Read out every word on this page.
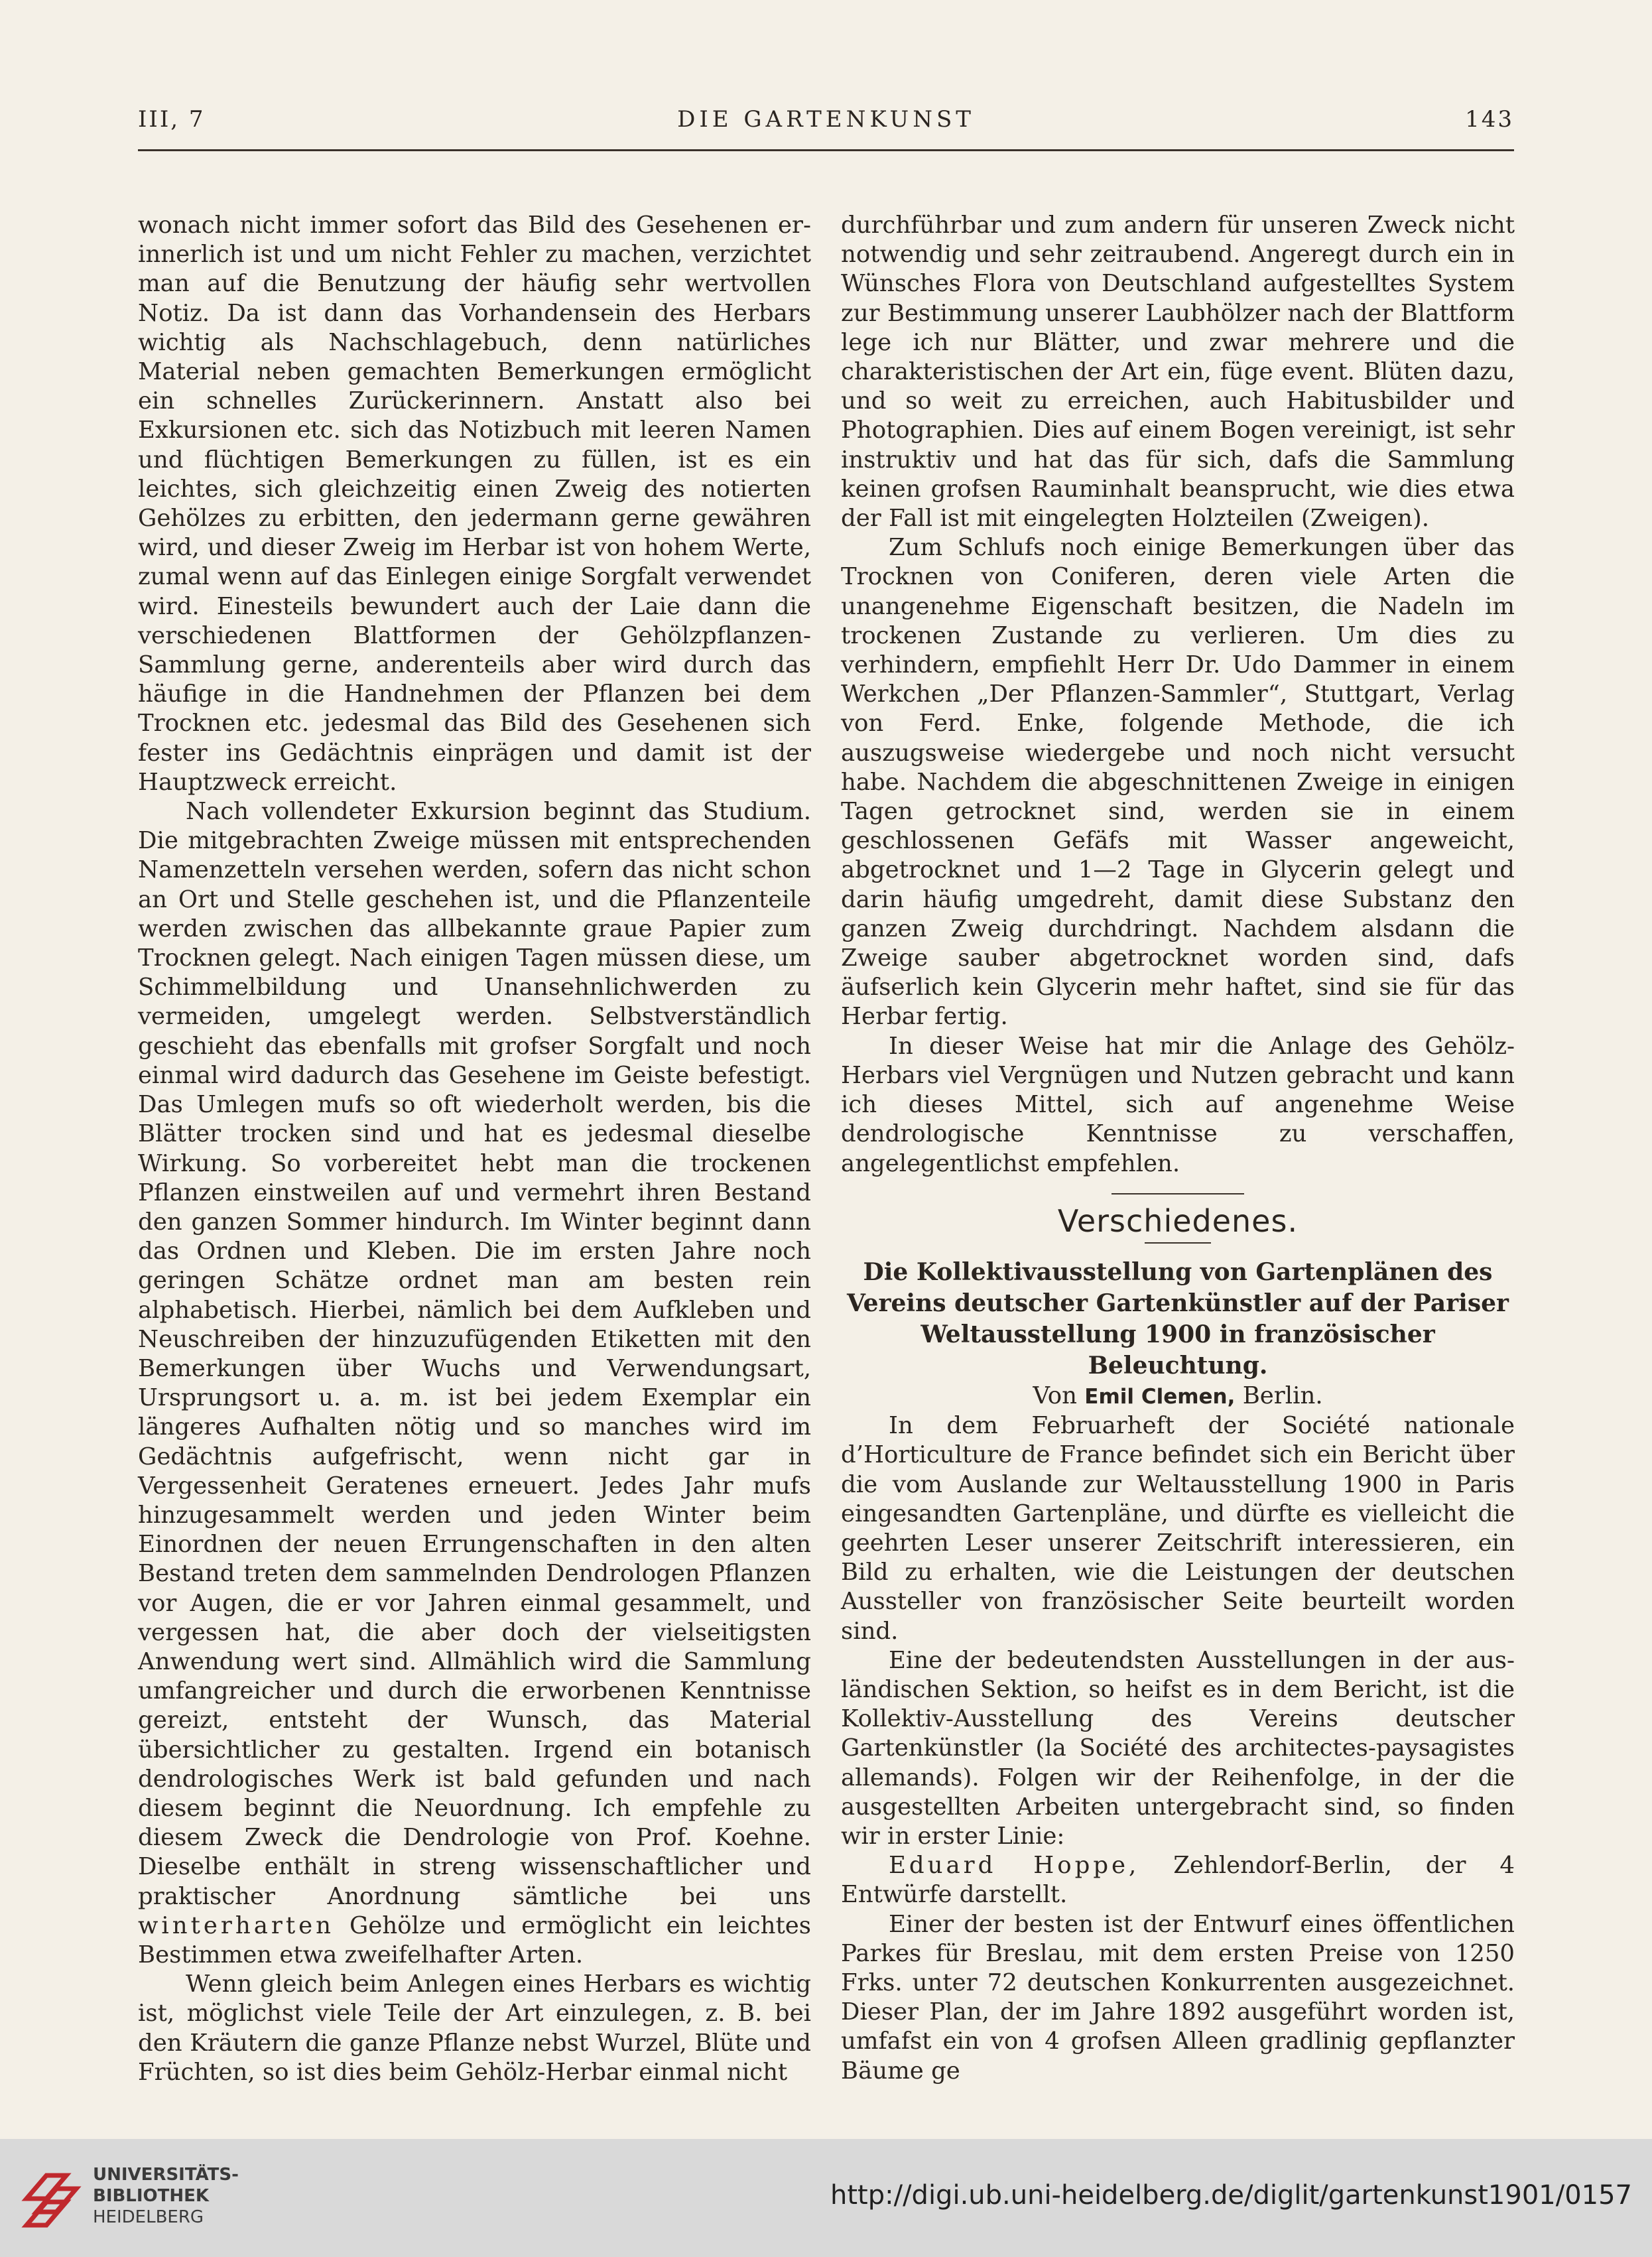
III, 7	DIE GARTENKUNST	143

wonach nicht immer sofort das Bild des Gesehenen erinnerlich ist und um nicht Fehler zu machen, verzichtet man auf die Benutzung der häufig sehr wertvollen Notiz. Da ist dann das Vorhandensein des Herbars wichtig als Nachschlagebuch, denn natürliches Material neben gemachten Bemerkungen ermöglicht ein schnelles Zurückerinnern. Anstatt also bei Exkursionen etc. sich das Notizbuch mit leeren Namen und flüchtigen Bemerkungen zu füllen, ist es ein leichtes, sich gleichzeitig einen Zweig des notierten Gehölzes zu erbitten, den jedermann gerne gewähren wird, und dieser Zweig im Herbar ist von hohem Werte, zumal wenn auf das Einlegen einige Sorgfalt verwendet wird. Einesteils bewundert auch der Laie dann die verschiedenen Blattformen der Gehölzpflanzen-Sammlung gerne, anderenteils aber wird durch das häufige in die Handnehmen der Pflanzen bei dem Trocknen etc. jedesmal das Bild des Gesehenen sich fester ins Gedächtnis einprägen und damit ist der Hauptzweck erreicht.

Nach vollendeter Exkursion beginnt das Studium. Die mitgebrachten Zweige müssen mit entsprechenden Namenzetteln versehen werden, sofern das nicht schon an Ort und Stelle geschehen ist, und die Pflanzenteile werden zwischen das allbekannte graue Papier zum Trocknen gelegt. Nach einigen Tagen müssen diese, um Schimmelbildung und Unansehnlichwerden zu vermeiden, umgelegt werden. Selbstverständlich geschieht das ebenfalls mit grofser Sorgfalt und noch einmal wird dadurch das Gesehene im Geiste befestigt. Das Umlegen mufs so oft wiederholt werden, bis die Blätter trocken sind und hat es jedesmal dieselbe Wirkung. So vorbereitet hebt man die trockenen Pflanzen einstweilen auf und vermehrt ihren Bestand den ganzen Sommer hindurch. Im Winter beginnt dann das Ordnen und Kleben. Die im ersten Jahre noch geringen Schätze ordnet man am besten rein alphabetisch. Hierbei, nämlich bei dem Aufkleben und Neuschreiben der hinzuzufügenden Etiketten mit den Bemerkungen über Wuchs und Verwendungsart, Ursprungsort u. a. m. ist bei jedem Exemplar ein längeres Aufhalten nötig und so manches wird im Gedächtnis aufgefrischt, wenn nicht gar in Vergessenheit Geratenes erneuert. Jedes Jahr mufs hinzugesammelt werden und jeden Winter beim Einordnen der neuen Errungenschaften in den alten Bestand treten dem sammelnden Dendrologen Pflanzen vor Augen, die er vor Jahren einmal gesammelt, und vergessen hat, die aber doch der vielseitigsten Anwendung wert sind. Allmählich wird die Sammlung umfangreicher und durch die erworbenen Kenntnisse gereizt, entsteht der Wunsch, das Material übersichtlicher zu gestalten. Irgend ein botanisch dendrologisches Werk ist bald gefunden und nach diesem beginnt die Neuordnung. Ich empfehle zu diesem Zweck die Dendrologie von Prof. Koehne. Dieselbe enthält in streng wissenschaftlicher und praktischer Anordnung sämtliche bei uns winterharten Gehölze und ermöglicht ein leichtes Bestimmen etwa zweifelhafter Arten.

Wenn gleich beim Anlegen eines Herbars es wichtig ist, möglichst viele Teile der Art einzulegen, z. B. bei den Kräutern die ganze Pflanze nebst Wurzel, Blüte und Früchten, so ist dies beim Gehölz-Herbar einmal nicht

durchführbar und zum andern für unseren Zweck nicht notwendig und sehr zeitraubend. Angeregt durch ein in Wünsches Flora von Deutschland aufgestelltes System zur Bestimmung unserer Laubhölzer nach der Blattform lege ich nur Blätter, und zwar mehrere und die charakteristischen der Art ein, füge event. Blüten dazu, und so weit zu erreichen, auch Habitusbilder und Photographien. Dies auf einem Bogen vereinigt, ist sehr instruktiv und hat das für sich, dafs die Sammlung keinen grofsen Rauminhalt beansprucht, wie dies etwa der Fall ist mit eingelegten Holzteilen (Zweigen).

Zum Schlufs noch einige Bemerkungen über das Trocknen von Coniferen, deren viele Arten die unangenehme Eigenschaft besitzen, die Nadeln im trockenen Zustande zu verlieren. Um dies zu verhindern, empfiehlt Herr Dr. Udo Dammer in einem Werkchen „Der Pflanzen-Sammler“, Stuttgart, Verlag von Ferd. Enke, folgende Methode, die ich auszugsweise wiedergebe und noch nicht versucht habe. Nachdem die abgeschnittenen Zweige in einigen Tagen getrocknet sind, werden sie in einem geschlossenen Gefäfs mit Wasser angeweicht, abgetrocknet und 1—2 Tage in Glycerin gelegt und darin häufig umgedreht, damit diese Substanz den ganzen Zweig durchdringt. Nachdem alsdann die Zweige sauber abgetrocknet worden sind, dafs äufserlich kein Glycerin mehr haftet, sind sie für das Herbar fertig.

In dieser Weise hat mir die Anlage des Gehölz-Herbars viel Vergnügen und Nutzen gebracht und kann ich dieses Mittel, sich auf angenehme Weise dendrologische Kenntnisse zu verschaffen, angelegentlichst empfehlen.

Verschiedenes.

Die Kollektivausstellung von Gartenplänen des Vereins deutscher Gartenkünstler auf der Pariser Weltausstellung 1900 in französischer Beleuchtung.

Von Emil Clemen, Berlin.

In dem Februarheft der Société nationale d’Horticulture de France befindet sich ein Bericht über die vom Auslande zur Weltausstellung 1900 in Paris eingesandten Gartenpläne, und dürfte es vielleicht die geehrten Leser unserer Zeitschrift interessieren, ein Bild zu erhalten, wie die Leistungen der deutschen Aussteller von französischer Seite beurteilt worden sind.

Eine der bedeutendsten Ausstellungen in der ausländischen Sektion, so heifst es in dem Bericht, ist die Kollektiv-Ausstellung des Vereins deutscher Gartenkünstler (la Société des architectes-paysagistes allemands). Folgen wir der Reihenfolge, in der die ausgestellten Arbeiten untergebracht sind, so finden wir in erster Linie:

Eduard Hoppe, Zehlendorf-Berlin, der 4 Entwürfe darstellt.

Einer der besten ist der Entwurf eines öffentlichen Parkes für Breslau, mit dem ersten Preise von 1250 Frks. unter 72 deutschen Konkurrenten ausgezeichnet. Dieser Plan, der im Jahre 1892 ausgeführt worden ist, umfafst ein von 4 grofsen Alleen gradlinig gepflanzter Bäume ge

UNIVERSITÄTS-
BIBLIOTHEK
HEIDELBERG
http://digi.ub.uni-heidelberg.de/diglit/gartenkunst1901/0157
